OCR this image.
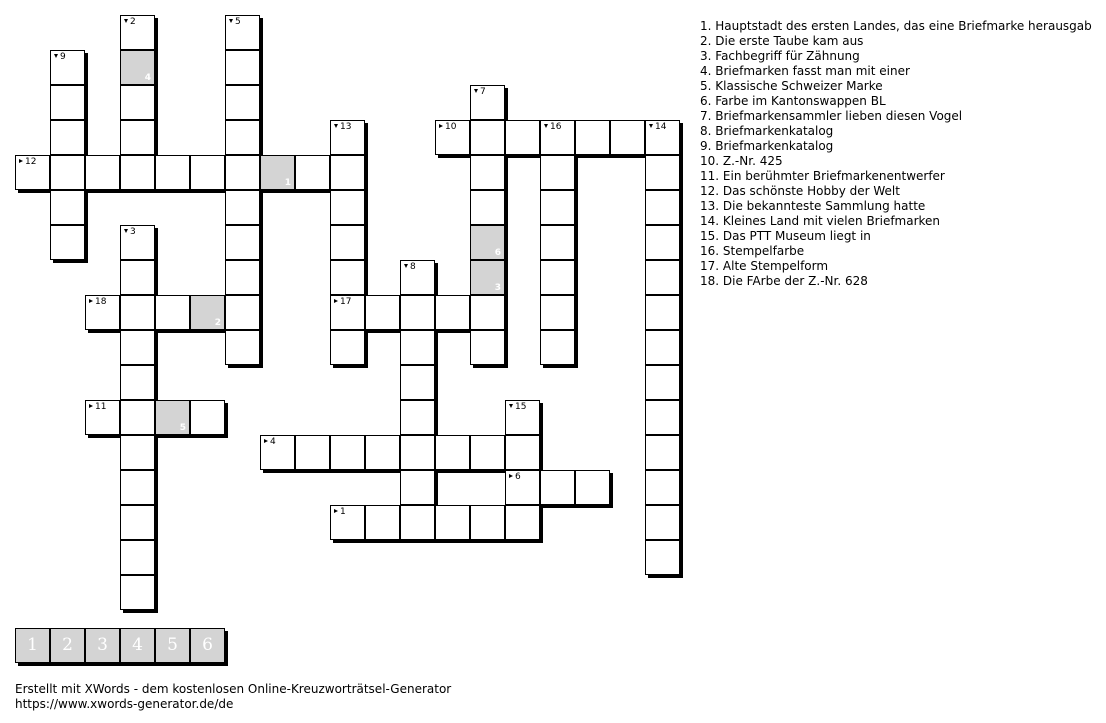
2	5
9
4
7
13	10	16	14
12
1
3
6
8
3
18
2
17
11
5
15
4
6
1
1	2	3	4	5	6
1. Hauptstadt des ersten Landes, das eine Briefmarke herausgab
2. Die erste Taube kam aus
3. Fachbegriff für Zähnung
4. Briefmarken fasst man mit einer
5. Klassische Schweizer Marke
6. Farbe im Kantonswappen BL
7. Briefmarkensammler lieben diesen Vogel
8. Briefmarkenkatalog
9. Briefmarkenkatalog
10. Z.-Nr. 425
11. Ein berühmter Briefmarkenentwerfer
12. Das schönste Hobby der Welt
13. Die bekannteste Sammlung hatte
14. Kleines Land mit vielen Briefmarken
15. Das PTT Museum liegt in
16. Stempelfarbe
17. Alte Stempelform
18. Die FArbe der Z.-Nr. 628
Erstellt mit XWords - dem kostenlosen Online-Kreuzworträtsel-Generator
https://www.xwords-generator.de/de
